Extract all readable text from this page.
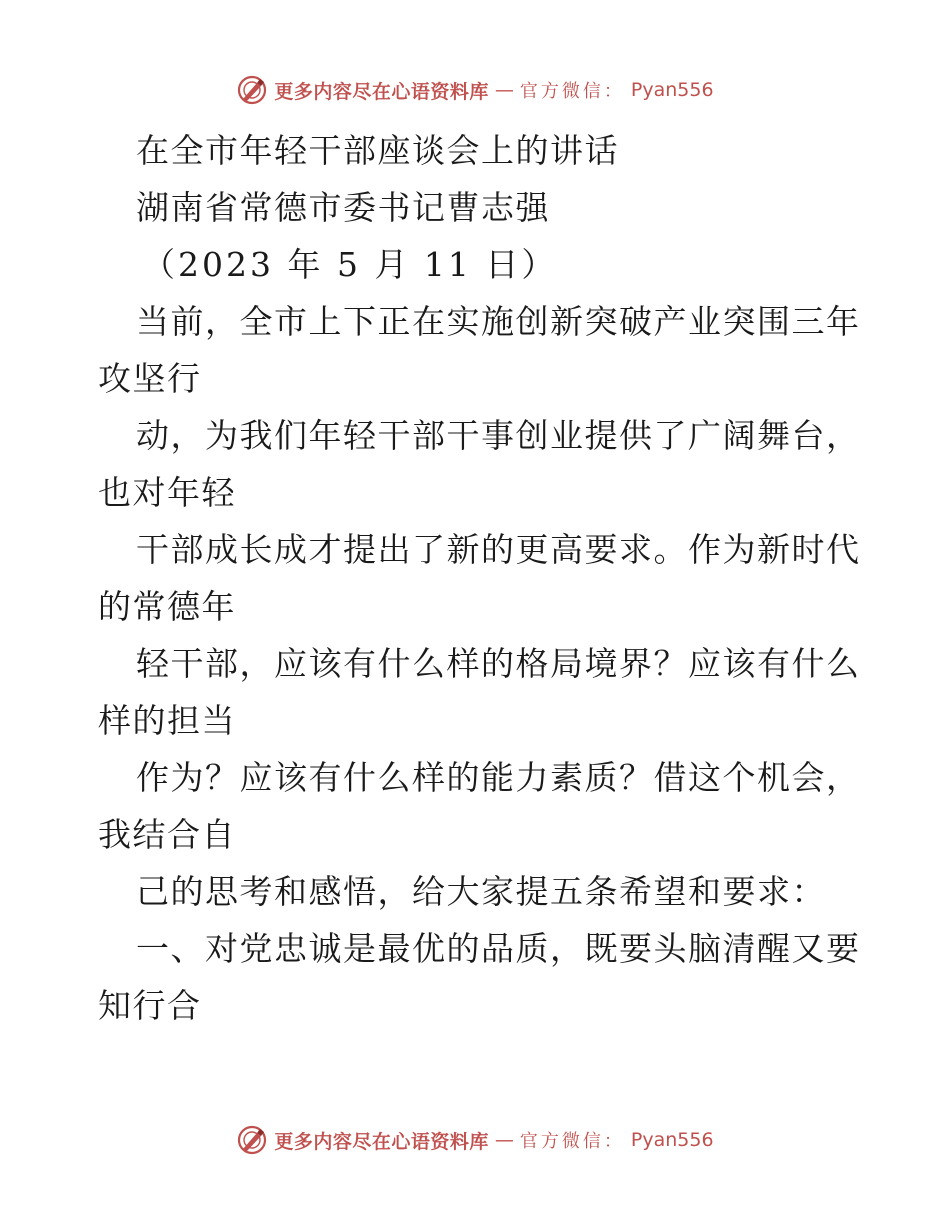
更多内容尽在心语资料库 — 官方微信： Pyan556
在全市年轻干部座谈会上的讲话
湖南省常德市委书记曹志强
（2023 年 5 月 11 日）
当前，全市上下正在实施创新突破产业突围三年
攻坚行
动，为我们年轻干部干事创业提供了广阔舞台，
也对年轻
干部成长成才提出了新的更高要求。作为新时代
的常德年
轻干部，应该有什么样的格局境界？应该有什么
样的担当
作为？应该有什么样的能力素质？借这个机会，
我结合自
己的思考和感悟，给大家提五条希望和要求：
一、对党忠诚是最优的品质，既要头脑清醒又要
知行合
更多内容尽在心语资料库 — 官方微信： Pyan556
